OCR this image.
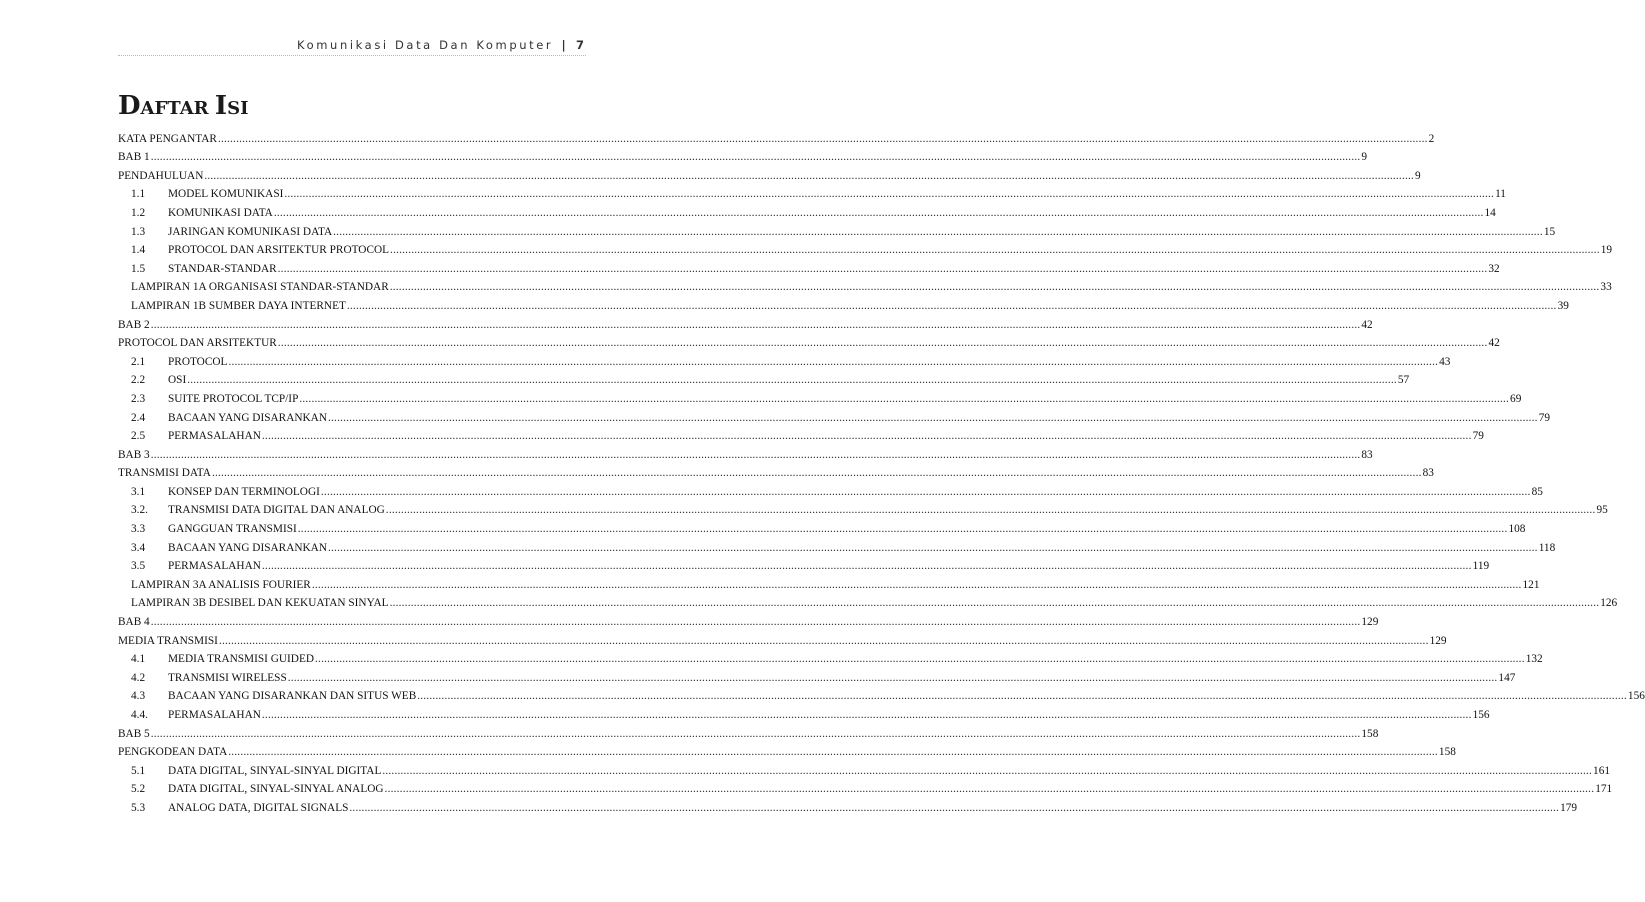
Komunikasi Data Dan Komputer | 7
DAFTAR ISI
KATA PENGANTAR ................................................................................................................................................................................................................................................................................................................................................................................................................ 2
BAB 1 ................................................................................................................................................................................................................................................................................................................................................................................................................ 9
PENDAHULUAN ................................................................................................................................................................................................................................................................................................................................................................................................................ 9
1.1	MODEL KOMUNIKASI ................................................................................................................................................................................................................................................................................................................................................................................................................ 11
1.2	KOMUNIKASI DATA ................................................................................................................................................................................................................................................................................................................................................................................................................ 14
1.3	JARINGAN KOMUNIKASI DATA ................................................................................................................................................................................................................................................................................................................................................................................................................ 15
1.4	PROTOCOL DAN ARSITEKTUR PROTOCOL ................................................................................................................................................................................................................................................................................................................................................................................................................ 19
1.5	STANDAR-STANDAR ................................................................................................................................................................................................................................................................................................................................................................................................................ 32
LAMPIRAN 1A ORGANISASI STANDAR-STANDAR ................................................................................................................................................................................................................................................................................................................................................................................................................ 33
LAMPIRAN 1B SUMBER DAYA INTERNET ................................................................................................................................................................................................................................................................................................................................................................................................................ 39
BAB 2 ................................................................................................................................................................................................................................................................................................................................................................................................................ 42
PROTOCOL DAN ARSITEKTUR ................................................................................................................................................................................................................................................................................................................................................................................................................ 42
2.1	PROTOCOL ................................................................................................................................................................................................................................................................................................................................................................................................................ 43
2.2	OSI ................................................................................................................................................................................................................................................................................................................................................................................................................ 57
2.3	SUITE PROTOCOL TCP/IP ................................................................................................................................................................................................................................................................................................................................................................................................................ 69
2.4	BACAAN YANG DISARANKAN ................................................................................................................................................................................................................................................................................................................................................................................................................ 79
2.5	PERMASALAHAN ................................................................................................................................................................................................................................................................................................................................................................................................................ 79
BAB 3 ................................................................................................................................................................................................................................................................................................................................................................................................................ 83
TRANSMISI DATA ................................................................................................................................................................................................................................................................................................................................................................................................................ 83
3.1	KONSEP DAN TERMINOLOGI ................................................................................................................................................................................................................................................................................................................................................................................................................ 85
3.2.	TRANSMISI DATA DIGITAL DAN ANALOG ................................................................................................................................................................................................................................................................................................................................................................................................................ 95
3.3	GANGGUAN TRANSMISI ................................................................................................................................................................................................................................................................................................................................................................................................................ 108
3.4	BACAAN YANG DISARANKAN ................................................................................................................................................................................................................................................................................................................................................................................................................ 118
3.5	PERMASALAHAN ................................................................................................................................................................................................................................................................................................................................................................................................................ 119
LAMPIRAN 3A ANALISIS FOURIER ................................................................................................................................................................................................................................................................................................................................................................................................................ 121
LAMPIRAN 3B DESIBEL DAN KEKUATAN SINYAL ................................................................................................................................................................................................................................................................................................................................................................................................................ 126
BAB 4 ................................................................................................................................................................................................................................................................................................................................................................................................................ 129
MEDIA TRANSMISI ................................................................................................................................................................................................................................................................................................................................................................................................................ 129
4.1	MEDIA TRANSMISI GUIDED ................................................................................................................................................................................................................................................................................................................................................................................................................ 132
4.2	TRANSMISI WIRELESS ................................................................................................................................................................................................................................................................................................................................................................................................................ 147
4.3	BACAAN YANG DISARANKAN DAN SITUS WEB ................................................................................................................................................................................................................................................................................................................................................................................................................ 156
4.4.	PERMASALAHAN ................................................................................................................................................................................................................................................................................................................................................................................................................ 156
BAB 5 ................................................................................................................................................................................................................................................................................................................................................................................................................ 158
PENGKODEAN DATA ................................................................................................................................................................................................................................................................................................................................................................................................................ 158
5.1	DATA DIGITAL, SINYAL-SINYAL DIGITAL ................................................................................................................................................................................................................................................................................................................................................................................................................ 161
5.2	DATA DIGITAL, SINYAL-SINYAL ANALOG ................................................................................................................................................................................................................................................................................................................................................................................................................ 171
5.3	ANALOG DATA, DIGITAL SIGNALS ................................................................................................................................................................................................................................................................................................................................................................................................................ 179
